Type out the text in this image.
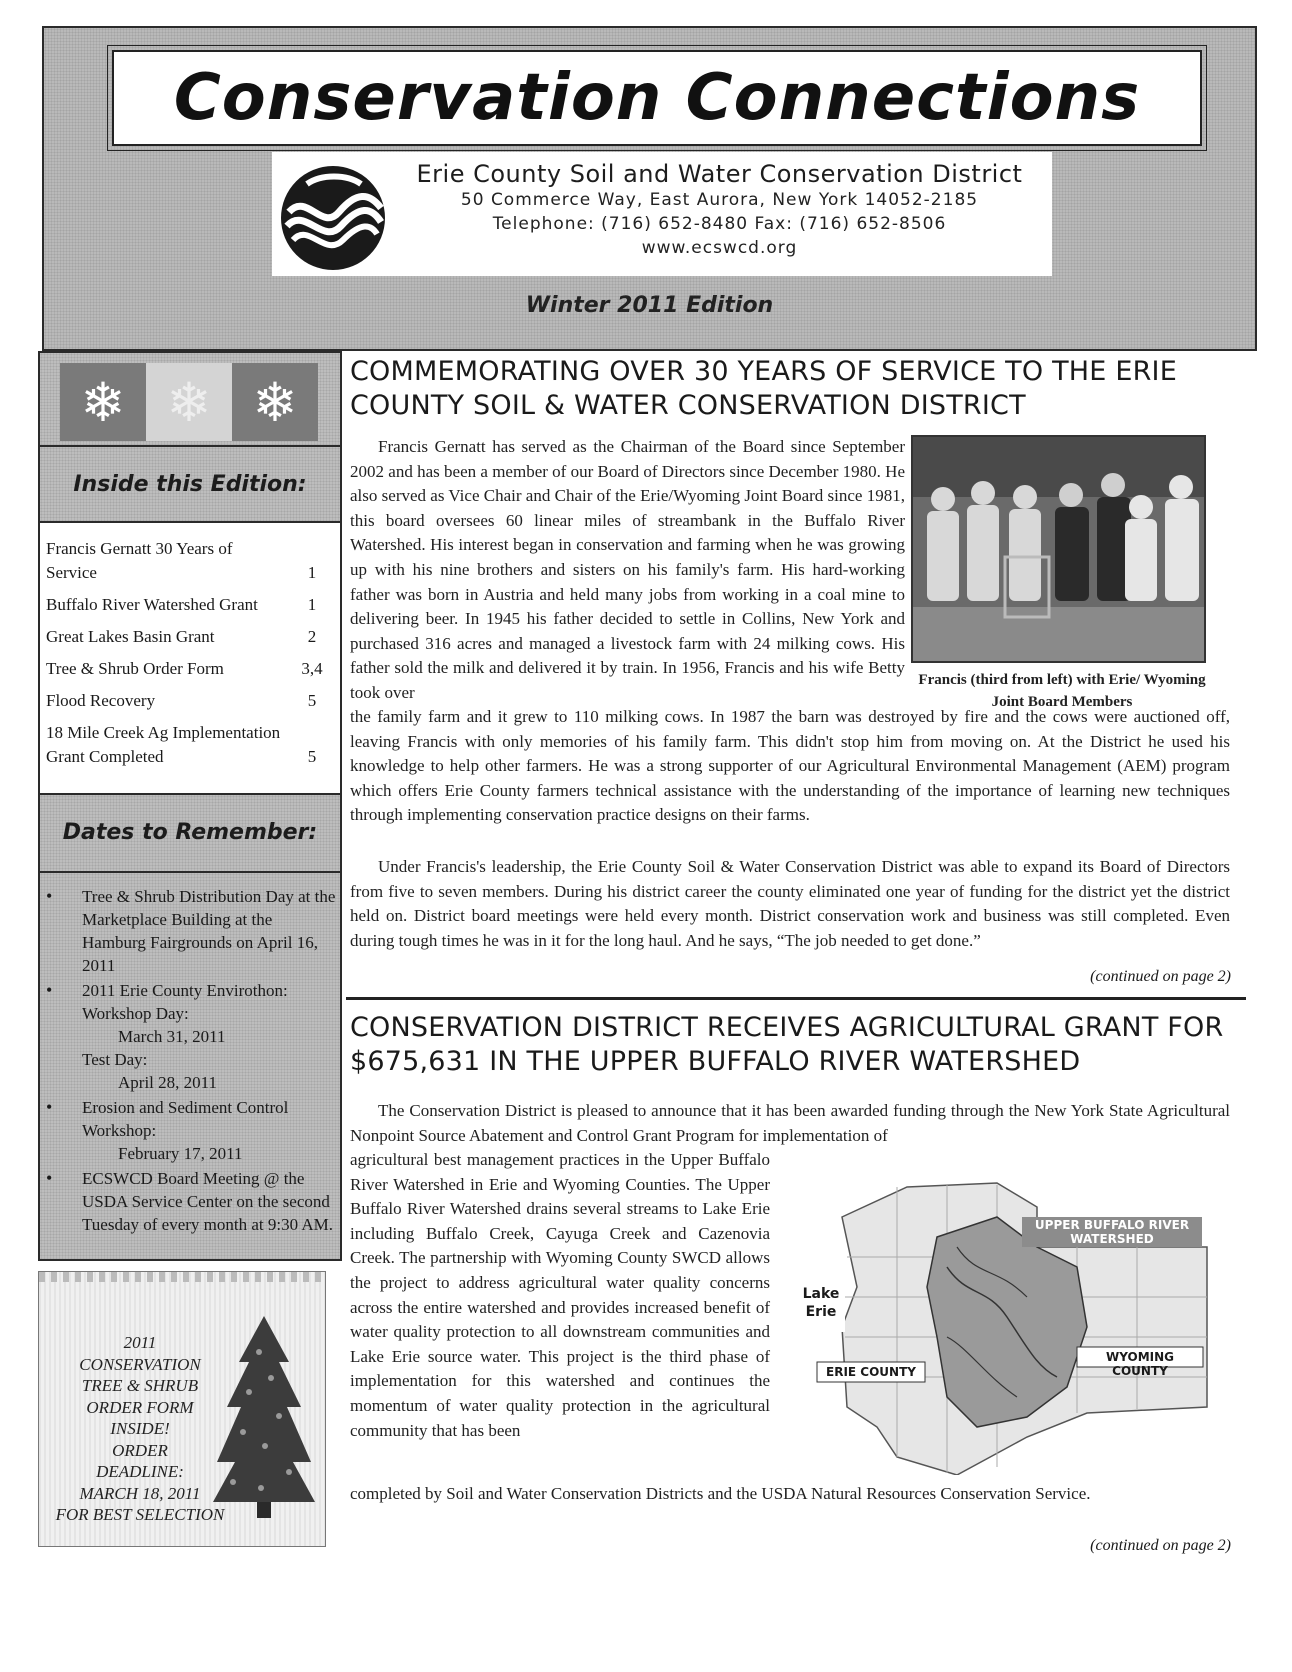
Conservation Connections
Erie County Soil and Water Conservation District
50 Commerce Way, East Aurora, New York 14052-2185
Telephone: (716) 652-8480 Fax: (716) 652-8506
www.ecswcd.org
Winter 2011 Edition
❄ ❄ ❄
Inside this Edition:
Francis Gernatt 30 Years of Service	1
Buffalo River Watershed Grant	1
Great Lakes Basin Grant	2
Tree & Shrub Order Form	3,4
Flood Recovery	5
18 Mile Creek Ag Implementation Grant Completed	5
Dates to Remember:
• Tree & Shrub Distribution Day at the Marketplace Building at the Hamburg Fairgrounds on April 16, 2011
• 2011 Erie County Envirothon:
Workshop Day:
March 31, 2011
Test Day:
April 28, 2011
• Erosion and Sediment Control Workshop:
February 17, 2011
• ECSWCD Board Meeting @ the USDA Service Center on the second Tuesday of every month at 9:30 AM.
2011
CONSERVATION
TREE & SHRUB
ORDER FORM
INSIDE!
ORDER
DEADLINE:
MARCH 18, 2011
FOR BEST SELECTION
COMMEMORATING OVER 30 YEARS OF SERVICE TO THE ERIE COUNTY SOIL & WATER CONSERVATION DISTRICT
Francis Gernatt has served as the Chairman of the Board since September 2002 and has been a member of our Board of Directors since December 1980. He also served as Vice Chair and Chair of the Erie/Wyoming Joint Board since 1981, this board oversees 60 linear miles of streambank in the Buffalo River Watershed. His interest began in conservation and farming when he was growing up with his nine brothers and sisters on his family's farm. His hard-working father was born in Austria and held many jobs from working in a coal mine to delivering beer. In 1945 his father decided to settle in Collins, New York and purchased 316 acres and managed a livestock farm with 24 milking cows. His father sold the milk and delivered it by train. In 1956, Francis and his wife Betty took over
Francis (third from left) with Erie/ Wyoming Joint Board Members
the family farm and it grew to 110 milking cows. In 1987 the barn was destroyed by fire and the cows were auctioned off, leaving Francis with only memories of his family farm. This didn't stop him from moving on. At the District he used his knowledge to help other farmers. He was a strong supporter of our Agricultural Environmental Management (AEM) program which offers Erie County farmers technical assistance with the understanding of the importance of learning new techniques through implementing conservation practice designs on their farms.
Under Francis's leadership, the Erie County Soil & Water Conservation District was able to expand its Board of Directors from five to seven members. During his district career the county eliminated one year of funding for the district yet the district held on. District board meetings were held every month. District conservation work and business was still completed. Even during tough times he was in it for the long haul. And he says, “The job needed to get done.”
(continued on page 2)
CONSERVATION DISTRICT RECEIVES AGRICULTURAL GRANT FOR $675,631 IN THE UPPER BUFFALO RIVER WATERSHED
The Conservation District is pleased to announce that it has been awarded funding through the New York State Agricultural Nonpoint Source Abatement and Control Grant Program for implementation of
agricultural best management practices in the Upper Buffalo River Watershed in Erie and Wyoming Counties. The Upper Buffalo River Watershed drains several streams to Lake Erie including Buffalo Creek, Cayuga Creek and Cazenovia Creek. The partnership with Wyoming County SWCD allows the project to address agricultural water quality concerns across the entire watershed and provides increased benefit of water quality protection to all downstream communities and Lake Erie source water. This project is the third phase of implementation for this watershed and continues the momentum of water quality protection in the agricultural community that has been
UPPER BUFFALO RIVER WATERSHED
Lake Erie
ERIE COUNTY
WYOMING COUNTY
completed by Soil and Water Conservation Districts and the USDA Natural Resources Conservation Service.
(continued on page 2)
